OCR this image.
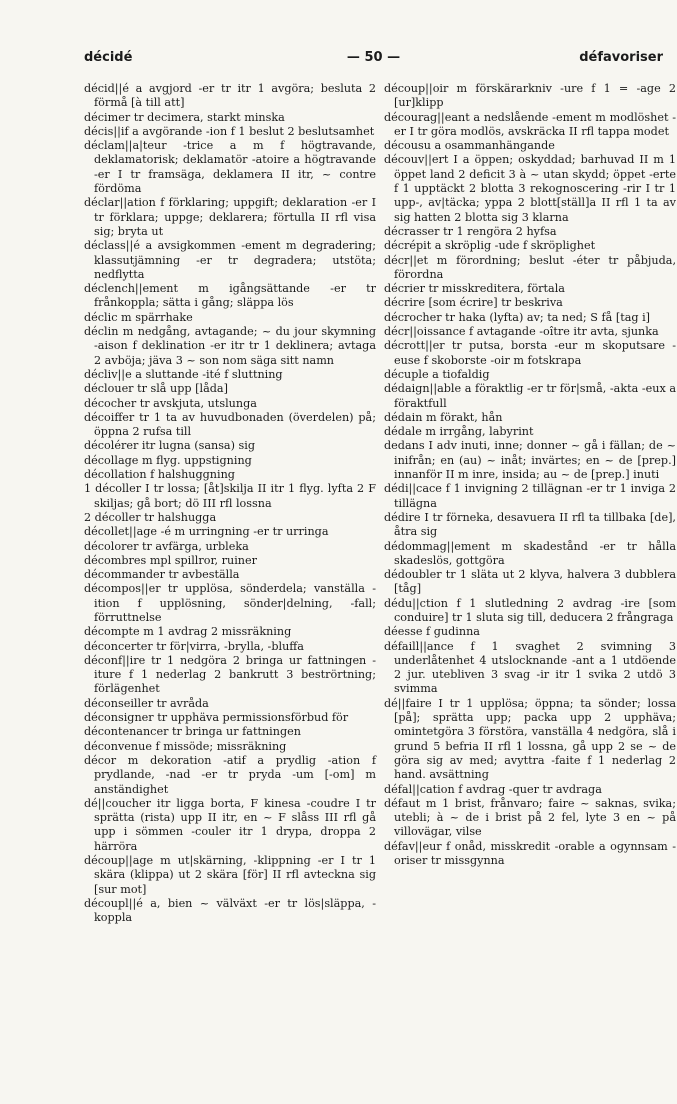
décidé	— 50 —	défavoriser

décid||é a avgjord -er tr itr 1 avgöra; besluta 2 förmå [à till att]

décimer tr decimera, starkt minska

décis||if a avgörande -ion f 1 beslut 2 beslutsamhet

déclam||a|teur -trice a m f högtravande, deklamatorisk; deklamatör -atoire a högtravande -er I tr framsäga, deklamera II itr, ~ contre fördöma

déclar||ation f förklaring; uppgift; deklaration -er I tr förklara; uppge; deklarera; förtulla II rfl visa sig; bryta ut

déclass||é a avsigkommen -ement m degradering; klassutjämning -er tr degradera; utstöta; nedflytta

déclench||ement m igångsättande -er tr frånkoppla; sätta i gång; släppa lös

déclic m spärrhake

déclin m nedgång, avtagande; ~ du jour skymning -aison f deklination -er itr tr 1 deklinera; avtaga 2 avböja; jäva 3 ~ son nom säga sitt namn

décliv||e a sluttande -ité f sluttning

déclouer tr slå upp [låda]

décocher tr avskjuta, utslunga

décoiffer tr 1 ta av huvudbonaden (överdelen) på; öppna 2 rufsa till

décolérer itr lugna (sansa) sig

décollage m flyg. uppstigning

décollation f halshuggning

1 décoller I tr lossa; [åt]skilja II itr 1 flyg. lyfta 2 F skiljas; gå bort; dö III rfl lossna

2 décoller tr halshugga

décollet||age -é m urringning -er tr urringa

décolorer tr avfärga, urbleka

décombres mpl spillror, ruiner

décommander tr avbeställa

décompos||er tr upplösa, sönderdela; vanställa -ition f upplösning, sönder|delning, -fall; förruttnelse

décompte m 1 avdrag 2 missräkning

déconcerter tr för|virra, -brylla, -bluffa

déconf||ire tr 1 nedgöra 2 bringa ur fattningen -iture f 1 nederlag 2 bankrutt 3 beströrtning; förlägenhet

déconseiller tr avråda

déconsigner tr upphäva permissionsförbud för

décontenancer tr bringa ur fattningen

déconvenue f missöde; missräkning

décor m dekoration -atif a prydlig -ation f prydlande, -nad -er tr pryda -um [-om] m anständighet

dé||coucher itr ligga borta, F kinesa -coudre I tr sprätta (rista) upp II itr, en ~ F slåss III rfl gå upp i sömmen -couler itr 1 drypa, droppa 2 härröra

découp||age m ut|skärning, -klippning -er I tr 1 skära (klippa) ut 2 skära [för] II rfl avteckna sig [sur mot]

découpl||é a, bien ~ välväxt -er tr lös|släppa, -koppla

découp||oir m förskärarkniv -ure f 1 = -age 2 [ur]klipp

décourag||eant a nedslående -ement m modlöshet -er I tr göra modlös, avskräcka II rfl tappa modet

décousu a osammanhängande

découv||ert I a öppen; oskyddad; barhuvad II m 1 öppet land 2 deficit 3 à ~ utan skydd; öppet -erte f 1 upptäckt 2 blotta 3 rekognoscering -rir I tr 1 upp-, av|täcka; yppa 2 blott[ställ]a II rfl 1 ta av sig hatten 2 blotta sig 3 klarna

décrasser tr 1 rengöra 2 hyfsa

décrépit a skröplig -ude f skröplighet

décr||et m förordning; beslut -éter tr påbjuda, förordna

décrier tr misskreditera, förtala

décrire [som écrire] tr beskriva

décrocher tr haka (lyfta) av; ta ned; S få [tag i]

décr||oissance f avtagande -oître itr avta, sjunka

décrott||er tr putsa, borsta -eur m skoputsare -euse f skoborste -oir m fotskrapa

décuple a tiofaldig

dédaign||able a föraktlig -er tr för|små, -akta -eux a föraktfull

dédain m förakt, hån

dédale m irrgång, labyrint

dedans I adv inuti, inne; donner ~ gå i fällan; de ~ inifrån; en (au) ~ inåt; invärtes; en ~ de [prep.] innanför II m inre, insida; au ~ de [prep.] inuti

dédi||cace f 1 invigning 2 tillägnan -er tr 1 inviga 2 tillägna

dédire I tr förneka, desavuera II rfl ta tillbaka [de], åtra sig

dédommag||ement m skadestånd -er tr hålla skadeslös, gottgöra

dédoubler tr 1 släta ut 2 klyva, halvera 3 dubblera [tåg]

dédu||ction f 1 slutledning 2 avdrag -ire [som conduire] tr 1 sluta sig till, deducera 2 frångraga

déesse f gudinna

défaill||ance f 1 svaghet 2 svimning 3 underlåtenhet 4 utslocknande -ant a 1 utdöende 2 jur. utebliven 3 svag -ir itr 1 svika 2 utdö 3 svimma

dé||faire I tr 1 upplösa; öppna; ta sönder; lossa [på]; sprätta upp; packa upp 2 upphäva; omintetgöra 3 förstöra, vanställa 4 nedgöra, slå i grund 5 befria II rfl 1 lossna, gå upp 2 se ~ de göra sig av med; avyttra -faite f 1 nederlag 2 hand. avsättning

défal||cation f avdrag -quer tr avdraga

défaut m 1 brist, frånvaro; faire ~ saknas, svika; utebli; à ~ de i brist på 2 fel, lyte 3 en ~ på villovägar, vilse

défav||eur f onåd, misskredit -orable a ogynnsam -oriser tr missgynna
